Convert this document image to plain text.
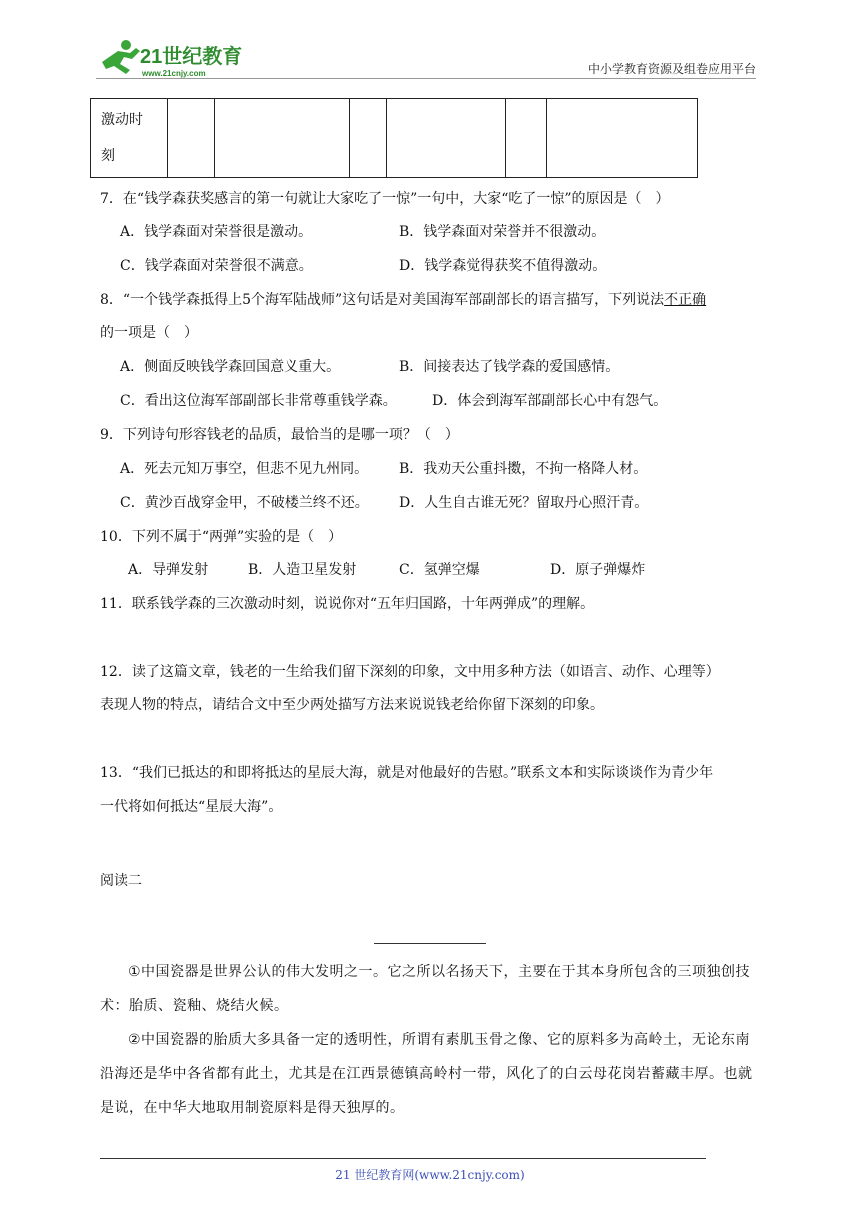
21世纪教育
www.21cnjy.com	中小学教育资源及组卷应用平台
激动时
刻						
7．在“钱学森获奖感言的第一句就让大家吃了一惊”一句中，大家“吃了一惊”的原因是（　）
A．钱学森面对荣誉很是激动。	B．钱学森面对荣誉并不很激动。
C．钱学森面对荣誉很不满意。	D．钱学森觉得获奖不值得激动。
8．“一个钱学森抵得上5个海军陆战师”这句话是对美国海军部副部长的语言描写，下列说法不正确
的一项是（　）
A．侧面反映钱学森回国意义重大。	B．间接表达了钱学森的爱国感情。
C．看出这位海军部副部长非常尊重钱学森。	D．体会到海军部副部长心中有怨气。
9．下列诗句形容钱老的品质，最恰当的是哪一项？（　）
A．死去元知万事空，但悲不见九州同。 B．我劝天公重抖擞，不拘一格降人材。
C．黄沙百战穿金甲，不破楼兰终不还。 D．人生自古谁无死？留取丹心照汗青。
10．下列不属于“两弹”实验的是（　）
A．导弹发射	B．人造卫星发射	C．氢弹空爆	D．原子弹爆炸
11．联系钱学森的三次激动时刻，说说你对“五年归国路，十年两弹成”的理解。
12．读了这篇文章，钱老的一生给我们留下深刻的印象，文中用多种方法（如语言、动作、心理等）
表现人物的特点，请结合文中至少两处描写方法来说说钱老给你留下深刻的印象。
13．“我们已抵达的和即将抵达的星辰大海，就是对他最好的告慰。”联系文本和实际谈谈作为青少年
一代将如何抵达“星辰大海”。
阅读二
①中国瓷器是世界公认的伟大发明之一。它之所以名扬天下，主要在于其本身所包含的三项独创技术：胎质、瓷釉、烧结火候。
②中国瓷器的胎质大多具备一定的透明性，所谓有素肌玉骨之像、它的原料多为高岭土，无论东南沿海还是华中各省都有此土，尤其是在江西景德镇高岭村一带，风化了的白云母花岗岩蓄藏丰厚。也就是说，在中华大地取用制瓷原料是得天独厚的。
21 世纪教育网(www.21cnjy.com)
